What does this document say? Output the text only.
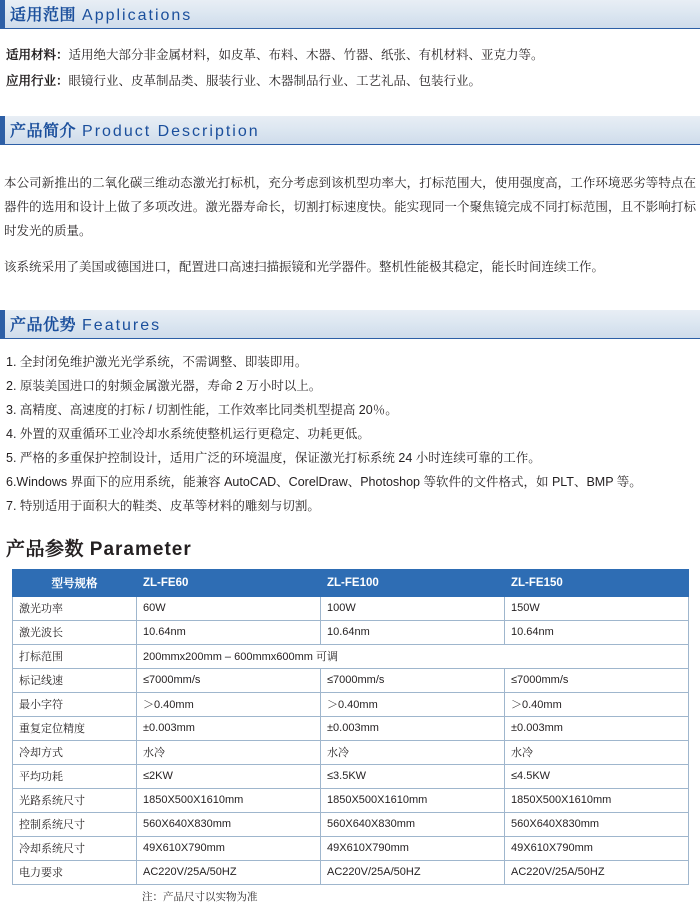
适用范围 Applications
适用材料：适用绝大部分非金属材料，如皮革、布料、木器、竹器、纸张、有机材料、亚克力等。
应用行业：眼镜行业、皮革制品类、服装行业、木器制品行业、工艺礼品、包装行业。
产品简介 Product Description

本公司新推出的二氧化碳三维动态激光打标机，充分考虑到该机型功率大，打标范围大，使用强度高，工作环境恶劣等特点在器件的选用和设计上做了多项改进。激光器寿命长，切割打标速度快。能实现同一个聚焦镜完成不同打标范围，且不影响打标时发光的质量。

该系统采用了美国或德国进口，配置进口高速扫描振镜和光学器件。整机性能极其稳定，能长时间连续工作。

产品优势 Features
1. 全封闭免维护激光光学系统，不需调整、即装即用。
2. 原装美国进口的射频金属激光器，寿命 2 万小时以上。
3. 高精度、高速度的打标 / 切割性能，工作效率比同类机型提高 20％。
4. 外置的双重循环工业冷却水系统使整机运行更稳定、功耗更低。
5. 严格的多重保护控制设计，适用广泛的环境温度，保证激光打标系统 24 小时连续可靠的工作。
6.Windows 界面下的应用系统，能兼容 AutoCAD、CorelDraw、Photoshop 等软件的文件格式，如 PLT、BMP 等。
7. 特别适用于面积大的鞋类、皮革等材料的雕刻与切割。
产品参数 Parameter
型号规格	ZL-FE60	ZL-FE100	ZL-FE150
激光功率	60W	100W	150W
激光波长	10.64nm	10.64nm	10.64nm
打标范围	200mmx200mm – 600mmx600mm 可调		
标记线速	≤7000mm/s	≤7000mm/s	≤7000mm/s
最小字符	＞0.40mm	＞0.40mm	＞0.40mm
重复定位精度	±0.003mm	±0.003mm	±0.003mm
冷却方式	水冷	水冷	水冷
平均功耗	≤2KW	≤3.5KW	≤4.5KW
光路系统尺寸	1850X500X1610mm	1850X500X1610mm	1850X500X1610mm
控制系统尺寸	560X640X830mm	560X640X830mm	560X640X830mm
冷却系统尺寸	49X610X790mm	49X610X790mm	49X610X790mm
电力要求	AC220V/25A/50HZ	AC220V/25A/50HZ	AC220V/25A/50HZ
注：产品尺寸以实物为准
